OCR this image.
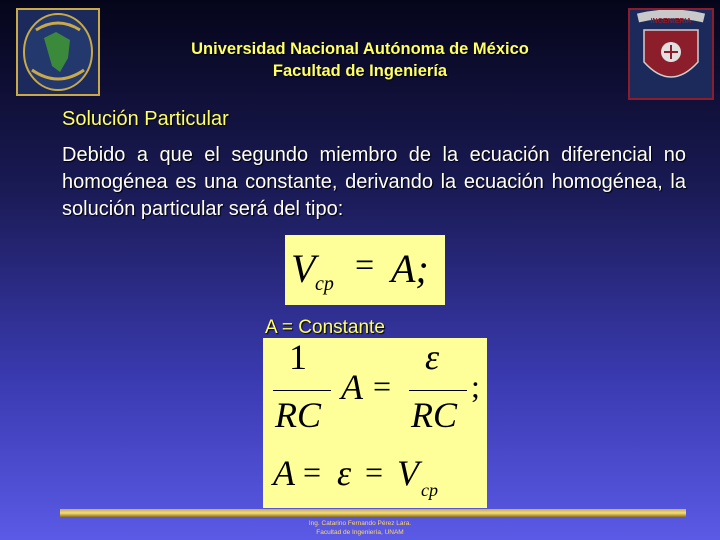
INGENIERIA
Universidad Nacional Autónoma de México
Facultad de Ingeniería
Solución Particular
Debido a que el segundo miembro de la ecuación diferencial no homogénea es una constante, derivando la ecuación homogénea, la solución particular será del tipo:
V cp = A;
A = Constante
1
RC
A =
ε
RC
;
A = ε = V cp
Ing. Catarino Fernando Pérez Lara.
Facultad de Ingeniería, UNAM
